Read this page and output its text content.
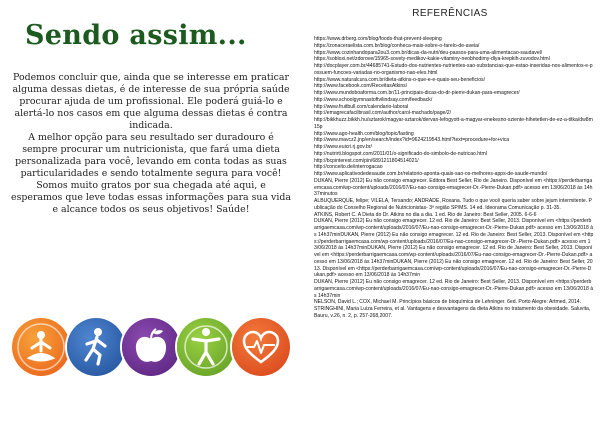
Sendo assim...

Podemos concluir que, ainda que se interesse em praticar alguma dessas dietas, é de interesse de sua própria saúde procurar ajuda de um profissional. Ele poderá guiá-lo e alertá-lo nos casos em que alguma dessas dietas é contra indicada.

A melhor opção para seu resultado ser duradouro é sempre procurar um nutricionista, que fará uma dieta personalizada para você, levando em conta todas as suas particularidades e sendo totalmente segura para você!

Somos muito gratos por sua chegada até aqui, e esperamos que leve todas essas informações para sua vida e alcance todos os seus objetivos! Saúde!

REFERÊNCIAS
https://www.drberg.com/blog/foods-that-prevent-sleeping
https://zonaceraelista.com.br/blog/conheca-mais-sobre-o-farelo-de-aveia/
https://www.cozinhandopara2ou3.com.br/dicas-da-nutri/deu-passos-para-uma-alimentacao-saudavel/
https://sobloxi.net/zdorove/15965-sovety-medikov-kakie-vitaminy-neobhodimy-dlya-krepkih-zuvodov.html
http://docplayer.com.br/44685741-Estudo-dos-nutrientes-nutrientes-sao-substancias-que-estao-inseridas-nos-alimentos-e-possuem-funcoes-variadas-no-organismo-nao-eles.html
https://www.naturalcura.com.br/dieta-atkins-o-que-e-e-quais-seu-beneficios/
http://www.facebook.com/ReceitasAtkins/
http://www.mundoboaforma.com.br/11-principais-dicas-do-dr-pierre-dukan-para-emagrecer/
http://www.schoolgymnastoftvilindsay.com/feedback/
http://www.fruitbull.com/calendario-laboral
http://emagrecafacilbrasil.com/author/carol-machado/page/2/
http://bikkhuzz.bikkh.hu/sztarok/magyar-sztarok/dervan-lefogyott-a-magyar-enekesno-sziente-hihetetlen-de-ez-a-titka/dw8m15p
http://www.ago-health.com/blog/topic/fasting
http://www.mavcz2.jnp/en/search/index?id=9624219543.html?text=procedure+for+vica
http://www.euicri.rj.gov.br/
http://nutrirti.blogspot.com/2011/01/o-significado-do-simbolo-de-nutricao.html
http://bcpinterest.com/pin/6891211804514021/
http://conceito.de/interrogacao
http://www.aplicativodedesaude.com.br/relatorio-aponta-quais-sao-os-melhores-apps-de-saude-mundo/
DUKAN, Pierre (2012) Eu não consigo emagrecer. Editora Best Seller, Rio de Janeiro. Disponível em <https://perderbarrigaemcasa.com/wp-content/uploads/2016/07/Eu-nao-consigo-emagrecer-Dr.-Pierre-Dukan.pdf> acesso em 13/06/2018 às 14h37minutos
ALBUQUERQUE, felipe; VILELA, Tersando; ANDRADE, Roxana. Tudo o que você queria saber sobre jejum intermitente. Publicação do Conselho Regional de Nutricionistas- 3ª região SP/MS. 14 ed. Ideorama Comunicação p. 31-35.
ATKINS, Robert C. A Dieta do Dr. Atkins no dia a dia. 1 ed. Rio de Janeiro: Best Seller, 2005. 6-6-6
DUKAN, Pierre (2012) Eu não consigo emagrecer. 12 ed. Rio de Janeiro: Best Seller, 2013. Disponível em <https://perderbarrigaemcasa.com/wp-content/uploads/2016/07/Eu-nao-consigo-emagrecer-Dr.-Pierre-Dukan.pdf> acesso em 13/06/2018 às 14h37minDUKAN, Pierre (2012) Eu não consigo emagrecer. 12 ed. Rio de Janeiro: Best Seller, 2013. Disponível em <https://perderbarrigaemcasa.com/wp-content/uploads/2016/07/Eu-nao-consigo-emagrecer-Dr.-Pierre-Dukan.pdf> acesso em 13/06/2018 às 14h37minDUKAN, Pierre (2012) Eu não consigo emagrecer. 12 ed. Rio de Janeiro: Best Seller, 2013. Disponível em <https://perderbarrigaemcasa.com/wp-content/uploads/2016/07/Eu-nao-consigo-emagrecer-Dr.-Pierre-Dukan.pdf> acesso em 13/06/2018 às 14h37minDUKAN, Pierre (2012) Eu não consigo emagrecer. 12 ed. Rio de Janeiro: Best Seller, 2013. Disponível em <https://perderbarrigaemcasa.com/wp-content/uploads/2016/07/Eu-nao-consigo-emagrecer-Dr.-Pierre-Dukan.pdf> acesso em 13/06/2018 às 14h37min
DUKAN, Pierre (2012) Eu não consigo emagrecer. 12 ed. Rio de Janeiro: Best Seller, 2013. Disponível em <https://perderbarrigaemcasa.com/wp-content/uploads/2016/07/Eu-nao-consigo-emagrecer-Dr.-Pierre-Dukan.pdf> acesso em 13/06/2018 às 14h37min
NELSON, David L.; COX, Michael M. Princípios básicos de bioquímica de Lehninger. 6ed. Porto Alegre: Artmed, 2014.
STRINGHINI, Maria Luiza Ferreira, et al. Vantagens e desvantagens da dieta Atkins no tratamento da obesidade. Saluvita, Bauru, v.26, n. 2, p. 257-268,2007.
